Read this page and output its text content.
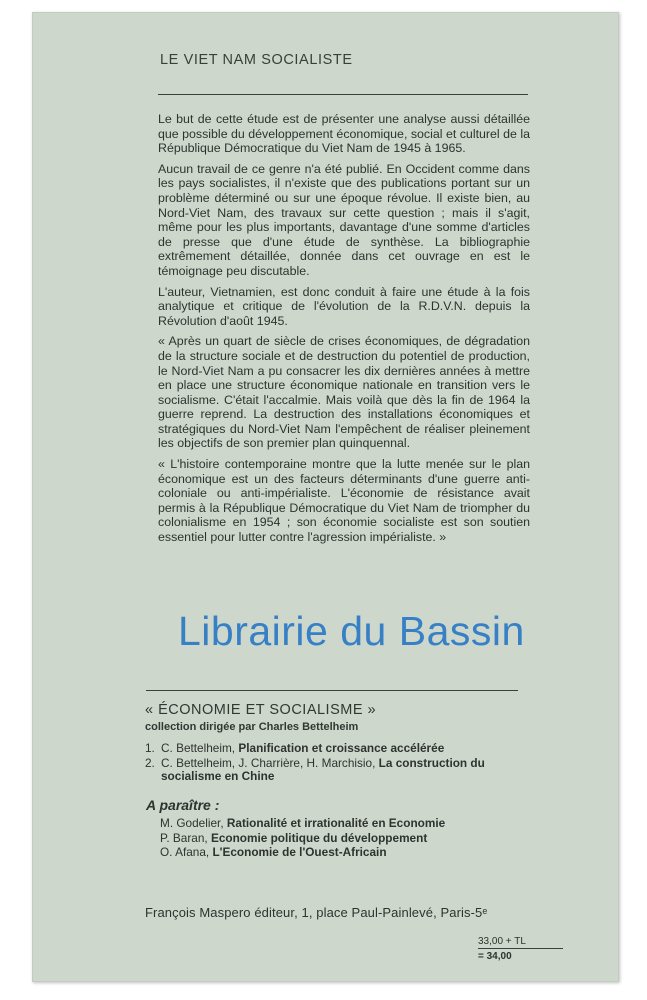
LE VIET NAM SOCIALISTE

Le but de cette étude est de présenter une analyse aussi détaillée que possible du développement économique, social et culturel de la République Démocratique du Viet Nam de 1945 à 1965.

Aucun travail de ce genre n'a été publié. En Occident comme dans les pays socialistes, il n'existe que des publications portant sur un problème déterminé ou sur une époque révolue. Il existe bien, au Nord-Viet Nam, des travaux sur cette question ; mais il s'agit, même pour les plus importants, davantage d'une somme d'articles de presse que d'une étude de synthèse. La bibliographie extrêmement détaillée, donnée dans cet ouvrage en est le témoignage peu discutable.

L'auteur, Vietnamien, est donc conduit à faire une étude à la fois analytique et critique de l'évolution de la R.D.V.N. depuis la Révolution d'août 1945.

« Après un quart de siècle de crises économiques, de dégradation de la structure sociale et de destruction du potentiel de production, le Nord-Viet Nam a pu consacrer les dix dernières années à mettre en place une structure économique nationale en transition vers le socialisme. C'était l'accalmie. Mais voilà que dès la fin de 1964 la guerre reprend. La destruction des installations économiques et stratégiques du Nord-Viet Nam l'empêchent de réaliser pleinement les objectifs de son premier plan quinquennal.

« L'histoire contemporaine montre que la lutte menée sur le plan économique est un des facteurs déterminants d'une guerre anti-coloniale ou anti-impérialiste. L'économie de résistance avait permis à la République Démocratique du Viet Nam de triompher du colonialisme en 1954 ; son économie socialiste est son soutien essentiel pour lutter contre l'agression impérialiste. »

« ÉCONOMIE ET SOCIALISME »
collection dirigée par Charles Bettelheim
1. C. Bettelheim, Planification et croissance accélérée
2. C. Bettelheim, J. Charrière, H. Marchisio, La construction du socialisme en Chine
A paraître :
M. Godelier, Rationalité et irrationalité en Economie
P. Baran, Economie politique du développement
O. Afana, L'Economie de l'Ouest-Africain
François Maspero éditeur, 1, place Paul-Painlevé, Paris-5ᵉ
33,00 + TL
= 34,00
Librairie du Bassin
